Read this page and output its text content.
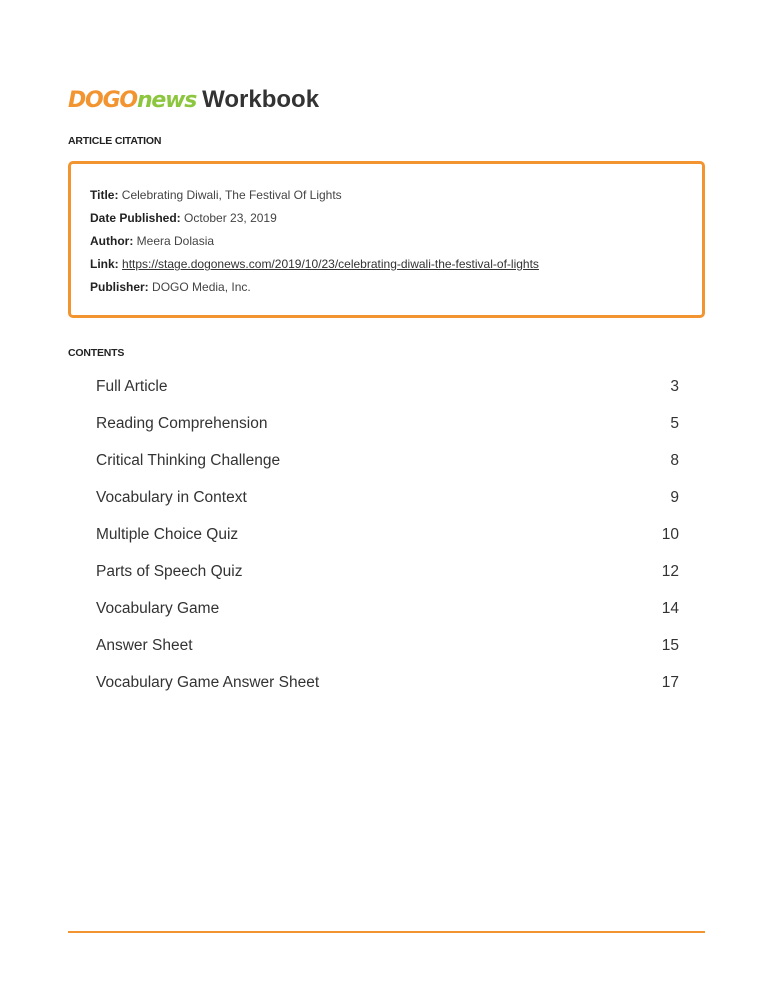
DOGOnews Workbook
ARTICLE CITATION
Title: Celebrating Diwali, The Festival Of Lights
Date Published: October 23, 2019
Author: Meera Dolasia
Link: https://stage.dogonews.com/2019/10/23/celebrating-diwali-the-festival-of-lights
Publisher: DOGO Media, Inc.
CONTENTS
Full Article	3
Reading Comprehension	5
Critical Thinking Challenge	8
Vocabulary in Context	9
Multiple Choice Quiz	10
Parts of Speech Quiz	12
Vocabulary Game	14
Answer Sheet	15
Vocabulary Game Answer Sheet	17
